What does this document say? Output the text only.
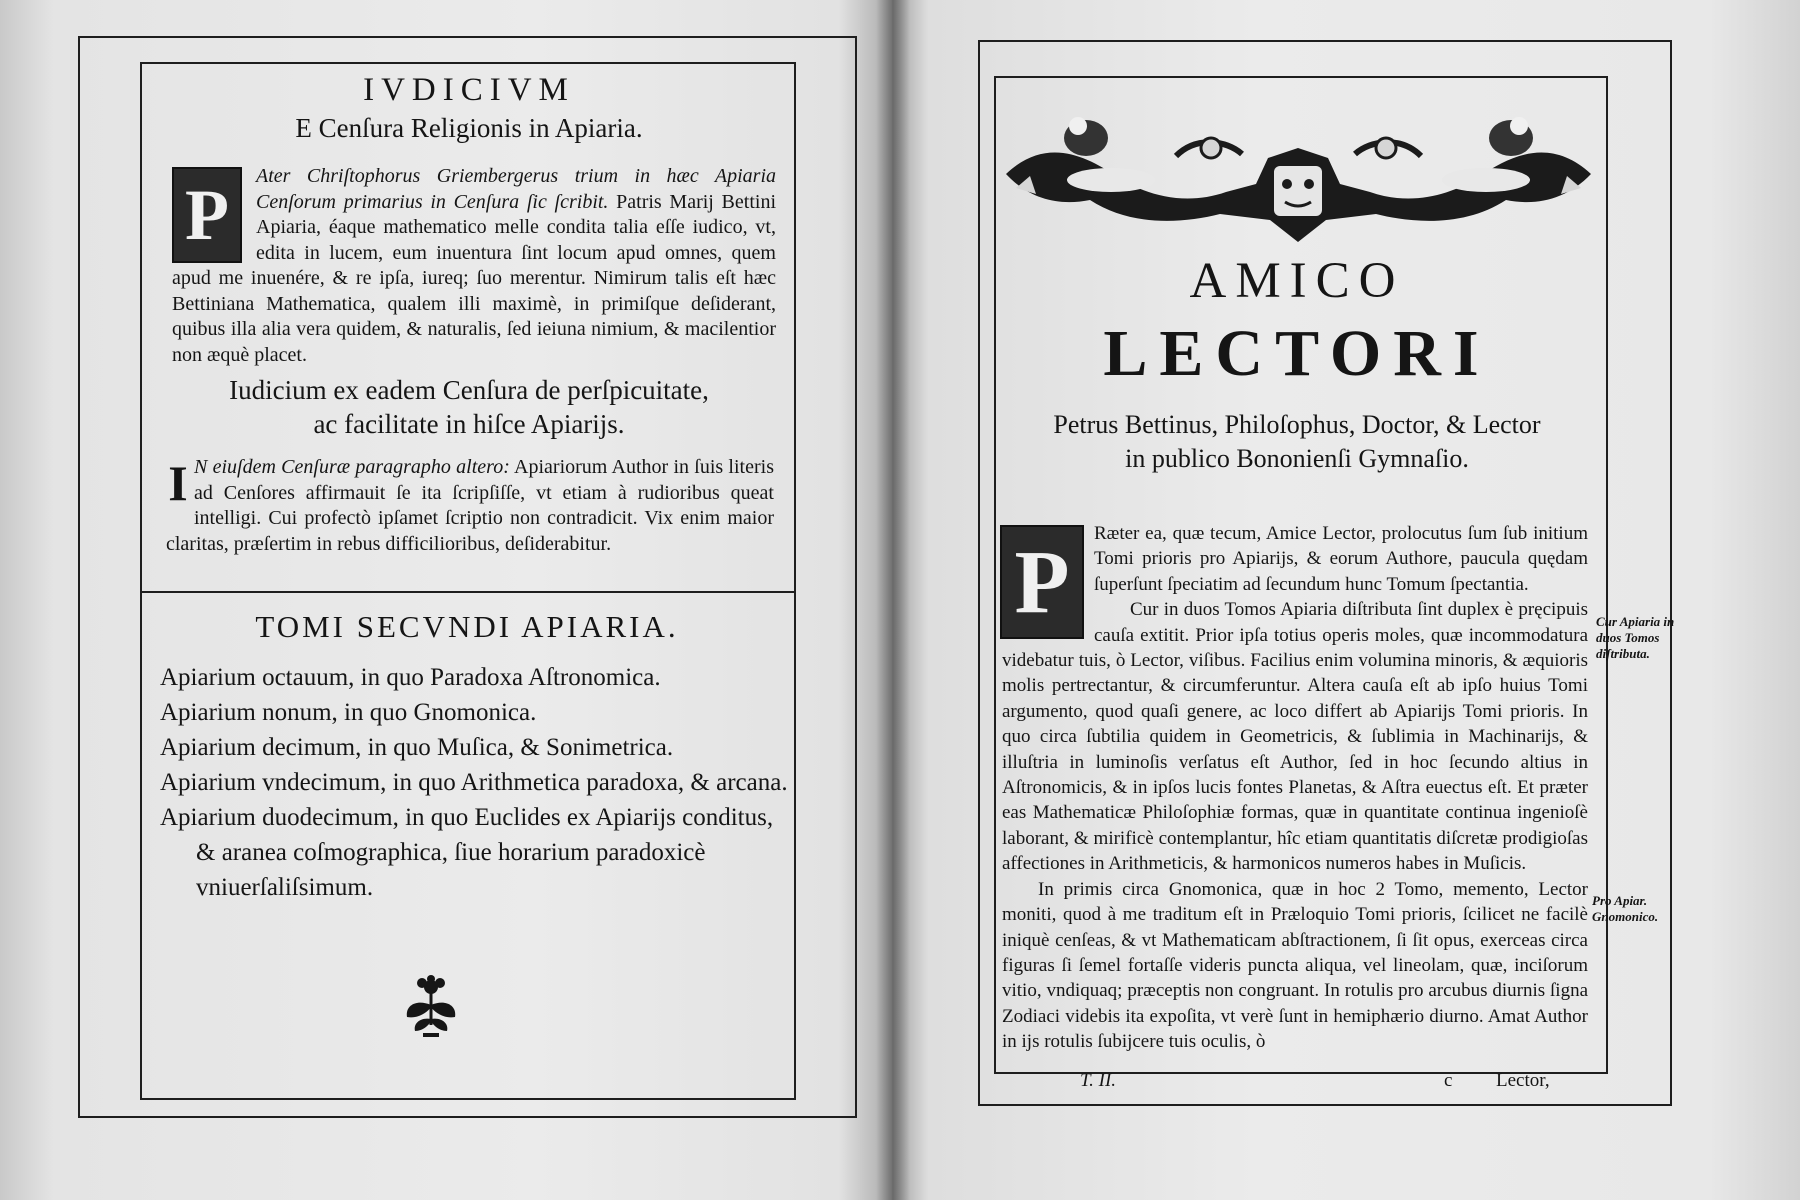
IVDICIVM
E Cenſura Religionis in Apiaria.
P	Ater Chriſtophorus Griembergerus trium in hæc Apiaria Cenſorum primarius in Cenſura ſic ſcribit. Patris Marij Bettini Apiaria, éaque mathematico melle condita talia eſſe iudico, vt, edita in lucem, eum inuentura ſint locum apud omnes, quem apud me inuenére, & re ipſa, iureq; ſuo merentur. Nimirum talis eſt hæc Bettiniana Mathematica, qualem illi maximè, in primiſque deſiderant, quibus illa alia vera quidem, & naturalis, ſed ieiuna nimium, & macilentior non æquè placet.
Iudicium ex eadem Cenſura de perſpicuitate,
ac facilitate in hiſce Apiarijs.
I N eiuſdem Cenſuræ paragrapho altero: Apiariorum Author in ſuis literis ad Cenſores affirmauit ſe ita ſcripſiſſe, vt etiam à rudioribus queat intelligi. Cui profectò ipſamet ſcriptio non contradicit. Vix enim maior claritas, præſertim in rebus difficilioribus, deſiderabitur.
TOMI SECVNDI APIARIA.
Apiarium octauum, in quo Paradoxa Aſtronomica.
Apiarium nonum, in quo Gnomonica.
Apiarium decimum, in quo Muſica, & Sonimetrica.
Apiarium vndecimum, in quo Arithmetica paradoxa, & arcana.
Apiarium duodecimum, in quo Euclides ex Apiarijs conditus, & aranea coſmographica, ſiue horarium paradoxicè vniuerſaliſsimum.
AMICO
LECTORI
Petrus Bettinus, Philoſophus, Doctor, & Lector
in publico Bononienſi Gymnaſio.
P	Ræter ea, quæ tecum, Amice Lector, prolocutus ſum ſub initium Tomi prioris pro Apiarijs, & eorum Authore, paucula quędam ſuperſunt ſpeciatim ad ſecundum hunc Tomum ſpectantia.

Cur in duos Tomos Apiaria diſtributa ſint duplex è pręcipuis cauſa extitit. Prior ipſa totius operis moles, quæ incommodatura videbatur tuis, ò Lector, viſibus. Facilius enim volumina minoris, & æquioris molis pertrectantur, & circumferuntur. Altera cauſa eſt ab ipſo huius Tomi argumento, quod quaſi genere, ac loco differt ab Apiarijs Tomi prioris. In quo circa ſubtilia quidem in Geometricis, & ſublimia in Machinarijs, & illuſtria in luminoſis verſatus eſt Author, ſed in hoc ſecundo altius in Aſtronomicis, & in ipſos lucis fontes Planetas, & Aſtra euectus eſt. Et præter eas Mathematicæ Philoſophiæ formas, quæ in quantitate continua ingenioſè laborant, & mirificè contemplantur, hîc etiam quantitatis diſcretæ prodigioſas affectiones in Arithmeticis, & harmonicos numeros habes in Muſicis.

In primis circa Gnomonica, quæ in hoc 2 Tomo, memento, Lector moniti, quod à me traditum eſt in Præloquio Tomi prioris, ſcilicet ne facilè iniquè cenſeas, & vt Mathematicam abſtractionem, ſi ſit opus, exerceas circa figuras ſi ſemel fortaſſe videris puncta aliqua, vel lineolam, quæ, inciſorum vitio, vndiquaq; præceptis non congruant. In rotulis pro arcubus diurnis ſigna Zodiaci videbis ita expoſita, vt verè ſunt in hemiphærio diurno. Amat Author in ijs rotulis ſubijcere tuis oculis, ò

Cur Apiaria in duos Tomos diſtributa.
Pro Apiar. Gnomonico.
T. II.	c Lector,
